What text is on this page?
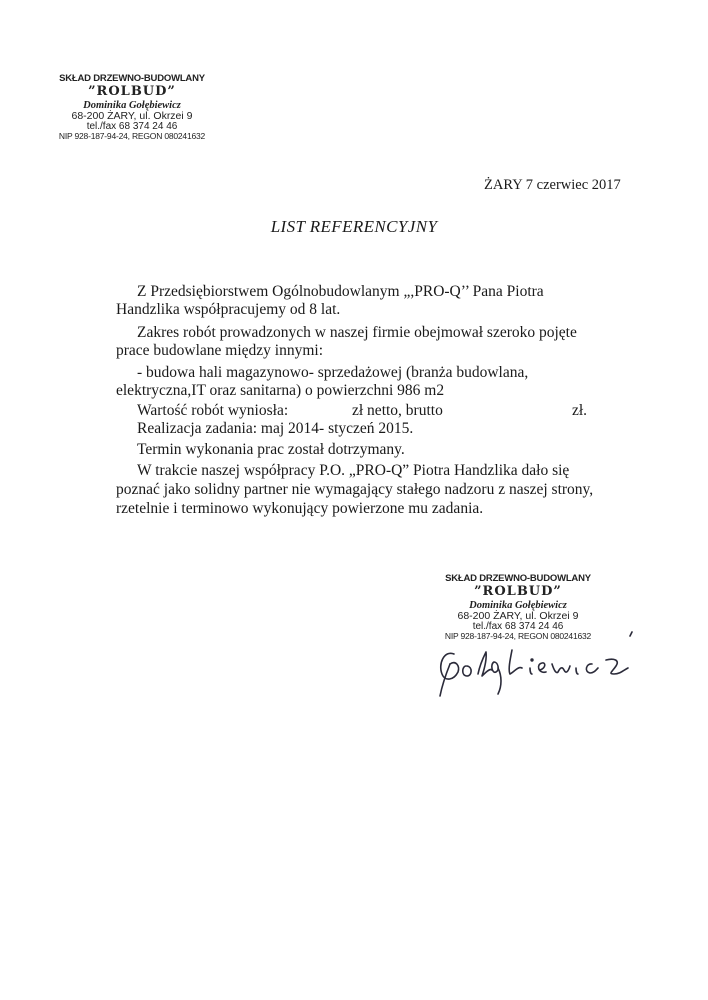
SKŁAD DRZEWNO-BUDOWLANY
”ROLBUD”
Dominika Gołębiewicz
68-200 ŻARY, ul. Okrzei 9
tel./fax 68 374 24 46
NIP 928-187-94-24, REGON 080241632
ŻARY 7 czerwiec 2017
LIST REFERENCYJNY
Z Przedsiębiorstwem Ogólnobudowlanym „,PRO-Q’’ Pana Piotra
Handzlika współpracujemy od 8 lat.
Zakres robót prowadzonych w naszej firmie obejmował szeroko pojęte
prace budowlane między innymi:
- budowa hali magazynowo- sprzedażowej (branża budowlana,
elektryczna,IT oraz sanitarna) o powierzchni 986 m2
Wartość robót wyniosła:	zł netto, brutto	zł.
Realizacja zadania: maj 2014- styczeń 2015.
Termin wykonania prac został dotrzymany.
W trakcie naszej współpracy P.O. „PRO-Q” Piotra Handzlika dało się
poznać jako solidny partner nie wymagający stałego nadzoru z naszej strony,
rzetelnie i terminowo wykonujący powierzone mu zadania.
SKŁAD DRZEWNO-BUDOWLANY
”ROLBUD”
Dominika Gołębiewicz
68-200 ŻARY, ul. Okrzei 9
tel./fax 68 374 24 46
NIP 928-187-94-24, REGON 080241632
